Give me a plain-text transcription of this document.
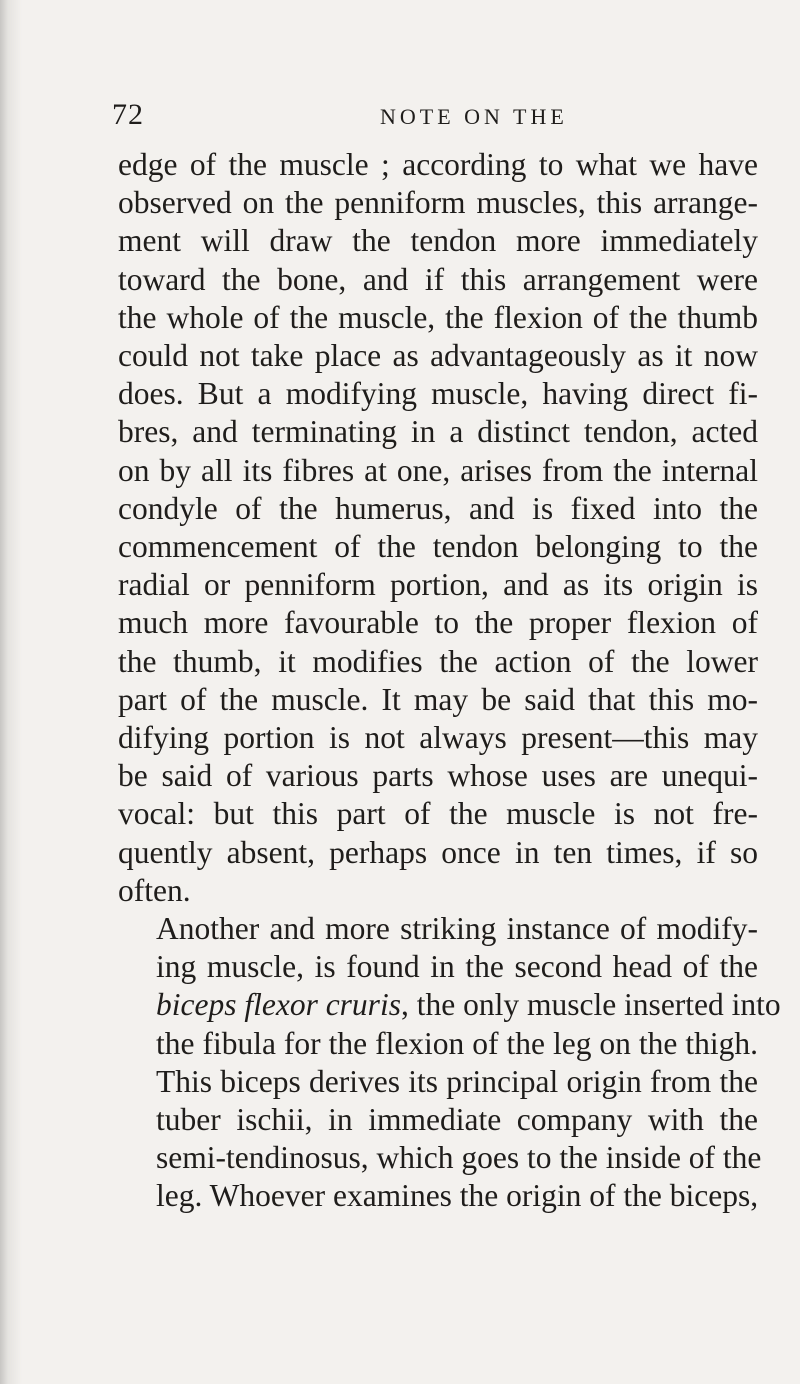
72	NOTE ON THE

edge of the muscle ; according to what we have
observed on the penniform muscles, this arrange-
ment will draw the tendon more immediately
toward the bone, and if this arrangement were
the whole of the muscle, the flexion of the thumb
could not take place as advantageously as it now
does. But a modifying muscle, having direct fi-
bres, and terminating in a distinct tendon, acted
on by all its fibres at one, arises from the internal
condyle of the humerus, and is fixed into the
commencement of the tendon belonging to the
radial or penniform portion, and as its origin is
much more favourable to the proper flexion of
the thumb, it modifies the action of the lower
part of the muscle. It may be said that this mo-
difying portion is not always present—this may
be said of various parts whose uses are unequi-
vocal: but this part of the muscle is not fre-
quently absent, perhaps once in ten times, if so
often.

Another and more striking instance of modify-
ing muscle, is found in the second head of the
biceps flexor cruris, the only muscle inserted into
the fibula for the flexion of the leg on the thigh.
This biceps derives its principal origin from the
tuber ischii, in immediate company with the
semi-tendinosus, which goes to the inside of the
leg. Whoever examines the origin of the biceps,
